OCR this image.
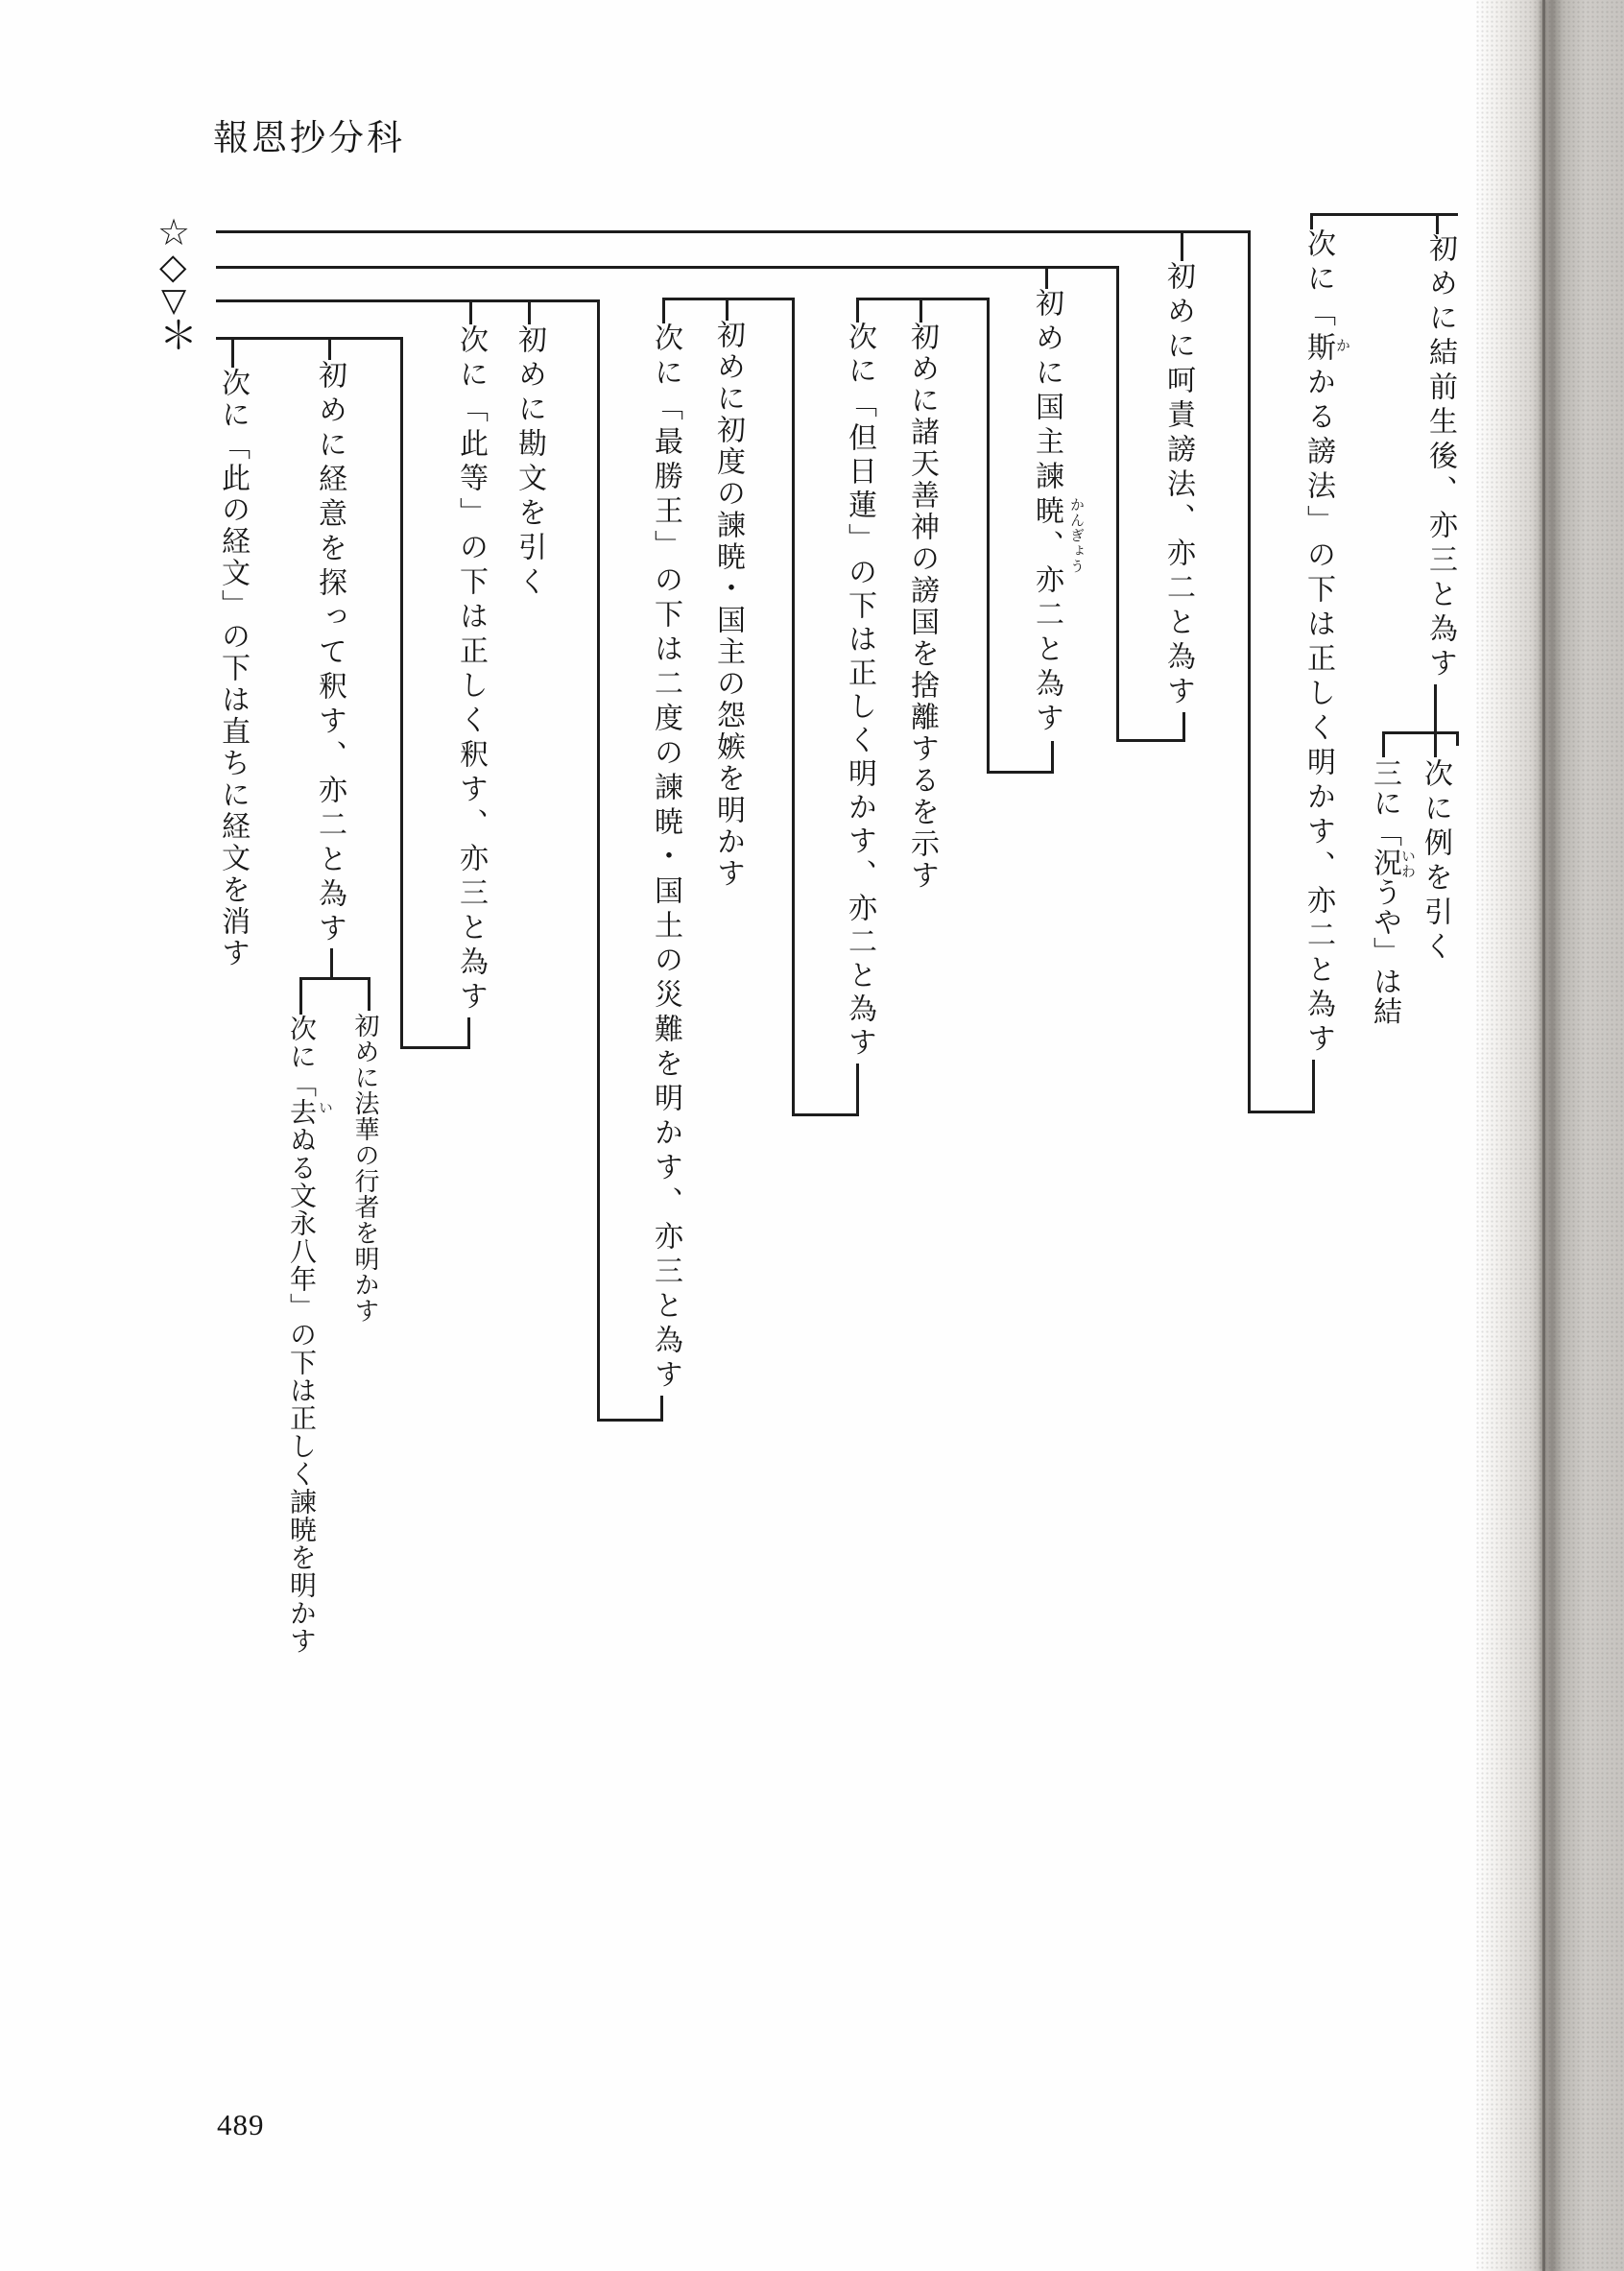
報恩抄分科
☆
◇
▽
＊	初めに結前生後、亦三と為す
次に例を引く
三に「況うや」は結
次に「斯かる謗法」の下は正しく明かす、亦二と為す
初めに呵責謗法、亦二と為す
初めに国主諫暁、亦二と為す
初めに諸天善神の謗国を捨離するを示す
次に「但日蓮」の下は正しく明かす、亦二と為す
初めに初度の諫暁・国主の怨嫉を明かす
次に「最勝王」の下は二度の諫暁・国土の災難を明かす、亦三と為す
初めに勘文を引く
次に「此等」の下は正しく釈す、亦三と為す
初めに経意を探って釈す、亦二と為す
初めに法華の行者を明かす
次に「去ぬる文永八年」の下は正しく諫暁を明かす
次に「此の経文」の下は直ちに経文を消す
か
いわ
かんぎょう
い
489
